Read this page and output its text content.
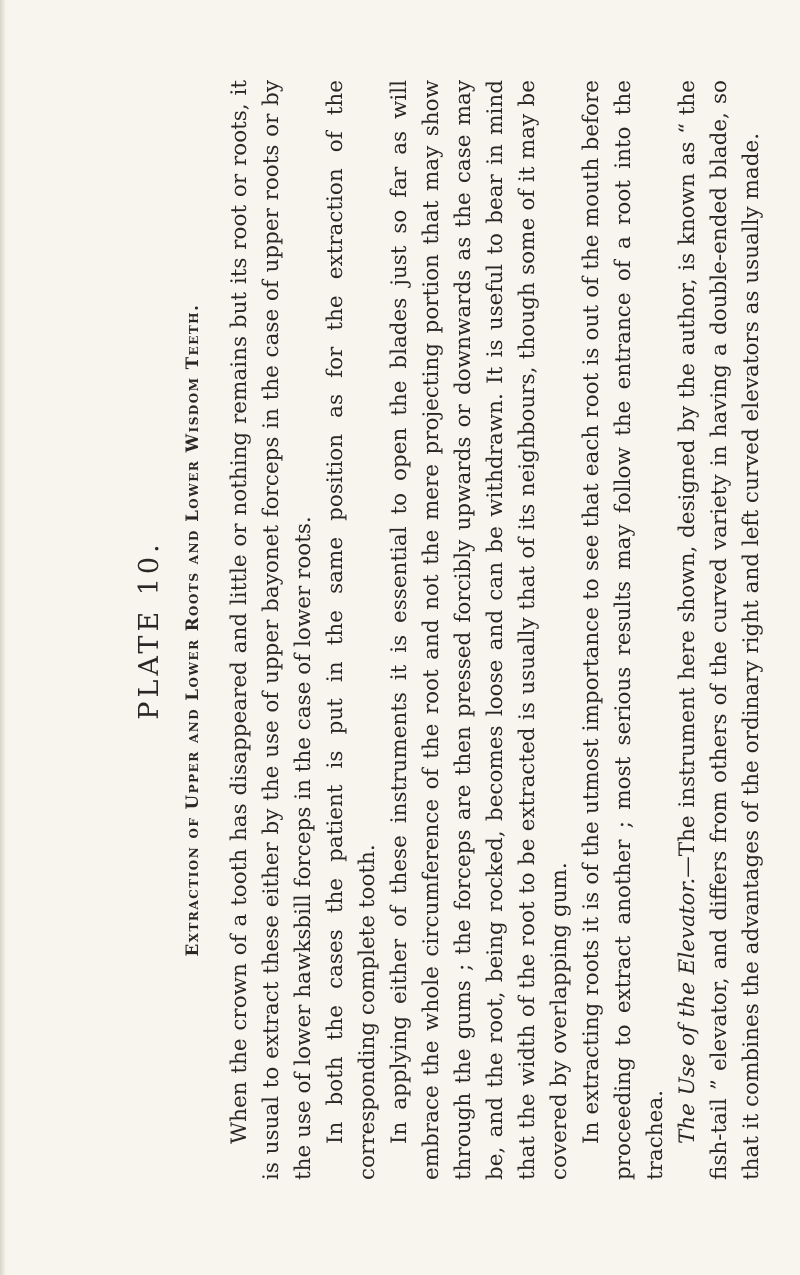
PLATE 10. Extraction of Upper and Lower Roots and Lower Wisdom Teeth. When the crown of a tooth has disappeared and little or nothing remains but its root or roots, it is usual to extract these either by the use of upper bayonet forceps in the case of upper roots or by the use of lower hawksbill forceps in the case of lower roots. In both the cases the patient is put in the same position as for the extraction of the corresponding complete tooth. In applying either of these instruments it is essential to open the blades just so far as will embrace the whole circumference of the root and not the mere projecting portion that may show through the gums ; the forceps are then pressed forcibly upwards or downwards as the case may be, and the root, being rocked, becomes loose and can be withdrawn. It is useful to bear in mind that the width of the root to be extracted is usually that of its neighbours, though some of it may be covered by overlapping gum. In extracting roots it is of the utmost importance to see that each root is out of the mouth before proceeding to extract another ; most serious results may follow the entrance of a root into the trachea. The Use of the Elevator.—The instrument here shown, designed by the author, is known as “ the fish-tail ” elevator, and differs from others of the curved variety in having a double-ended blade, so that it combines the advantages of the ordinary right and left curved elevators as usually made.
